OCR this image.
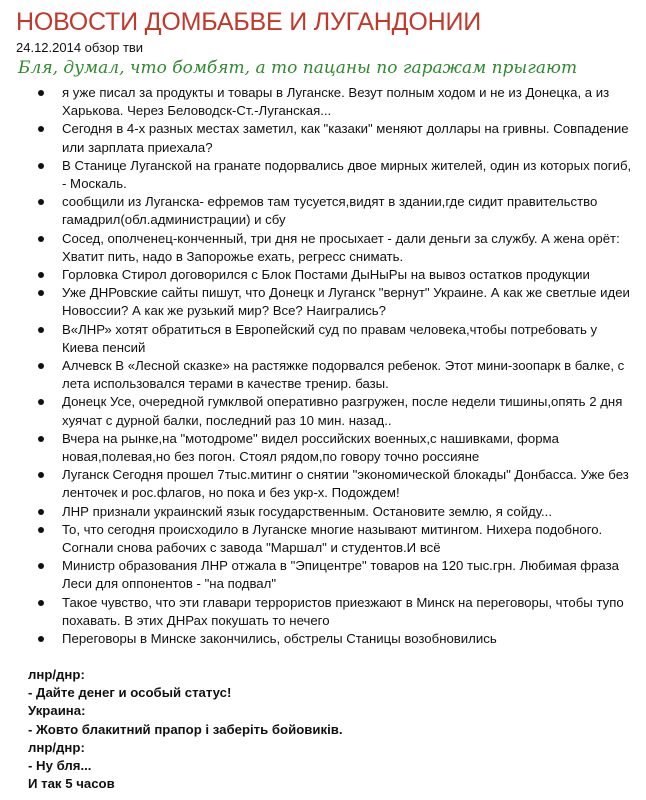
НОВОСТИ ДОМБАБВЕ И ЛУГАНДОНИИ
24.12.2014 обзор тви
Бля, думал, что бомбят, а то пацаны по гаражам прыгают
я уже писал за продукты и товары в Луганске. Везут полным ходом и не из Донецка, а из Харькова. Через Беловодск-Ст.-Луганская...
Сегодня в 4-х разных местах заметил, как "казаки" меняют доллары на гривны. Совпадение или зарплата приехала?
В Станице Луганской на гранате подорвались двое мирных жителей, один из которых погиб, - Москаль.
сообщили из Луганска- ефремов там тусуется,видят в здании,где сидит правительство гамадрил(обл.администрации) и сбу
Сосед, ополченец-конченный, три дня не просыхает - дали деньги за службу. А жена орёт: Хватит пить, надо в Запорожье ехать, регресс снимать.
Горловка Стирол договорился с Блок Постами ДыНыРы на вывоз остатков продукции
Уже ДНРовские сайты пишут, что Донецк и Луганск "вернут" Украине. А как же светлые идеи Новоссии? А как же рузький мир? Все? Наигрались?
В«ЛНР» хотят обратиться в Европейский суд по правам человека,чтобы потребовать у Киева пенсий
Алчевск В «Лесной сказке» на растяжке подорвался ребенок. Этот мини-зоопарк в балке, с лета использовался терами в качестве тренир. базы.
Донецк Усе, очередной гумклвой оперативно разгружен, после недели тишины,опять 2 дня хуячат с дурной балки, последний раз 10 мин. назад..
Вчера на рынке,на "мотодроме" видел российских военных,с нашивками, форма новая,полевая,но без погон. Стоял рядом,по говору точно россияне
Луганск Сегодня прошел 7тыс.митинг о снятии "экономической блокады" Донбасса. Уже без ленточек и рос.флагов, но пока и без укр-х. Подождем!
ЛНР признали украинский язык государственным. Остановите землю, я сойду...
То, что сегодня происходило в Луганске многие называют митингом. Нихера подобного. Согнали снова рабочих с завода "Маршал" и студентов.И всё
Министр образования ЛНР отжала в "Эпицентре" товаров на 120 тыс.грн. Любимая фраза Леси для оппонентов - "на подвал"
Такое чувство, что эти главари террористов приезжают в Минск на переговоры, чтобы тупо похавать. В этих ДНРах покушать то нечего
Переговоры в Минске закончились, обстрелы Станицы возобновились
лнр/днр:
- Дайте денег и особый статус!
Украина:
- Жовто блакитний прапор і заберіть бойовиків.
лнр/днр:
- Ну бля...
И так 5 часов
